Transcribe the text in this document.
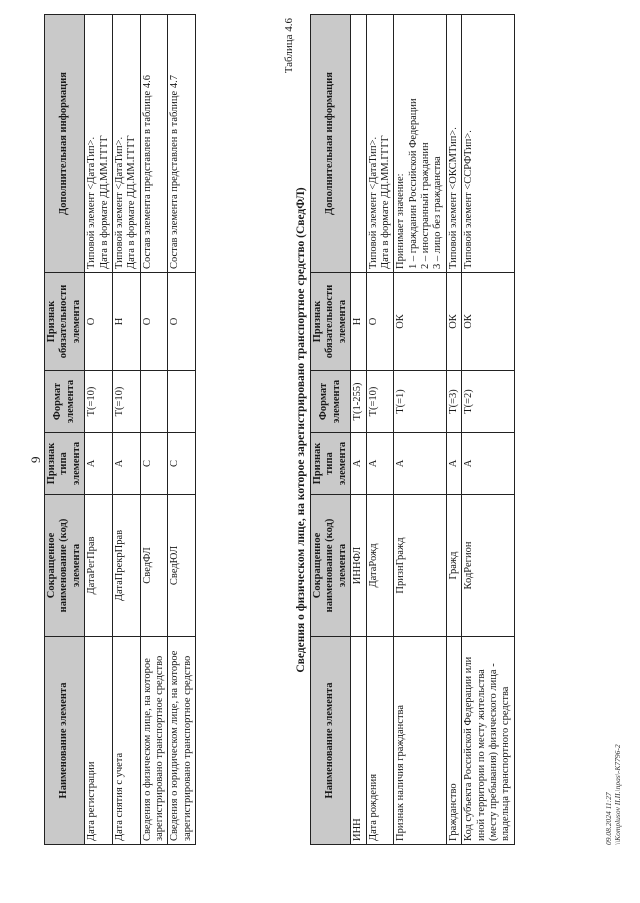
9
Наименование элемента	Сокращенное наименование (код) элемента	Признак типа элемента	Формат элемента	Признак обязательности элемента	Дополнительная информация
Дата регистрации	ДатаРегПрав	А	T(=10)	О	Типовой элемент <ДатаТип>. Дата в формате ДД.ММ.ГГГГ

Дата снятия с учета	ДатаПрекрПрав	А	T(=10)	Н	Типовой элемент <ДатаТип>. Дата в формате ДД.ММ.ГГГГ

Сведения о физическом лице, на которое зарегистрировано транспортное средство	СведФЛ	С		О	Состав элемента представлен в таблице 4.6

Сведения о юридическом лице, на которое зарегистрировано транспортное средство	СведЮЛ	С		О	Состав элемента представлен в таблице 4.7
Таблица 4.6
Сведения о физическом лице, на которое зарегистрировано транспортное средство (СведФЛ)
Наименование элемента	Сокращенное наименование (код) элемента	Признак типа элемента	Формат элемента	Признак обязательности элемента	Дополнительная информация
ИНН	ИННФЛ	А	T(1-255)	Н	
Дата рождения	ДатаРожд	А	T(=10)	О	Типовой элемент <ДатаТип>. Дата в формате ДД.ММ.ГГГГ

Признак наличия гражданства	ПризнГражд	А	T(=1)	ОК	Принимает значение: 1 – гражданин Российской Федерации 2 – иностранный гражданин 3 – лицо без гражданства

Гражданство	Гражд	А	T(=3)	ОК	Типовой элемент <ОКСМТип>.

Код субъекта Российской Федерации или иной территории по месту жительства (месту пребывания) физического лица - владельца транспортного средства	КодРегион	А	T(=2)	ОК	Типовой элемент <ССРФТип>.
09.08.2024 11:27 \\Komplusov II.II.\npas\-K7796-2
